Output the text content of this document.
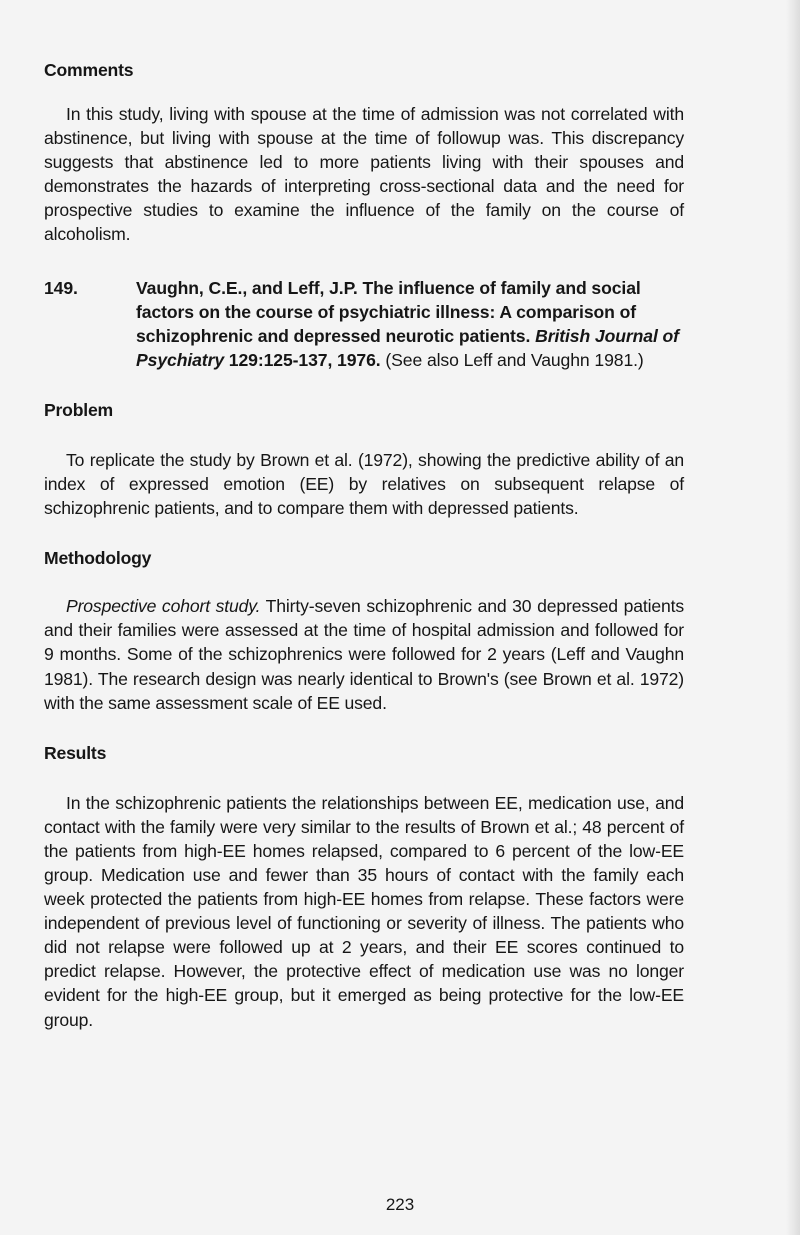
Comments

In this study, living with spouse at the time of admission was not correlated with abstinence, but living with spouse at the time of followup was. This discrepancy suggests that abstinence led to more patients living with their spouses and demonstrates the hazards of interpreting cross-sectional data and the need for prospective studies to examine the influence of the family on the course of alcoholism.

149.	Vaughn, C.E., and Leff, J.P. The influence of family and social factors on the course of psychiatric illness: A comparison of schizophrenic and depressed neurotic patients. British Journal of Psychiatry 129:125-137, 1976. (See also Leff and Vaughn 1981.)
Problem

To replicate the study by Brown et al. (1972), showing the predictive ability of an index of expressed emotion (EE) by relatives on subsequent relapse of schizophrenic patients, and to compare them with depressed patients.

Methodology

Prospective cohort study. Thirty-seven schizophrenic and 30 depressed patients and their families were assessed at the time of hospital admission and followed for 9 months. Some of the schizophrenics were followed for 2 years (Leff and Vaughn 1981). The research design was nearly identical to Brown's (see Brown et al. 1972) with the same assessment scale of EE used.

Results

In the schizophrenic patients the relationships between EE, medication use, and contact with the family were very similar to the results of Brown et al.; 48 percent of the patients from high-EE homes relapsed, compared to 6 percent of the low-EE group. Medication use and fewer than 35 hours of contact with the family each week protected the patients from high-EE homes from relapse. These factors were independent of previous level of functioning or severity of illness. The patients who did not relapse were followed up at 2 years, and their EE scores continued to predict relapse. However, the protective effect of medication use was no longer evident for the high-EE group, but it emerged as being protective for the low-EE group.

223
